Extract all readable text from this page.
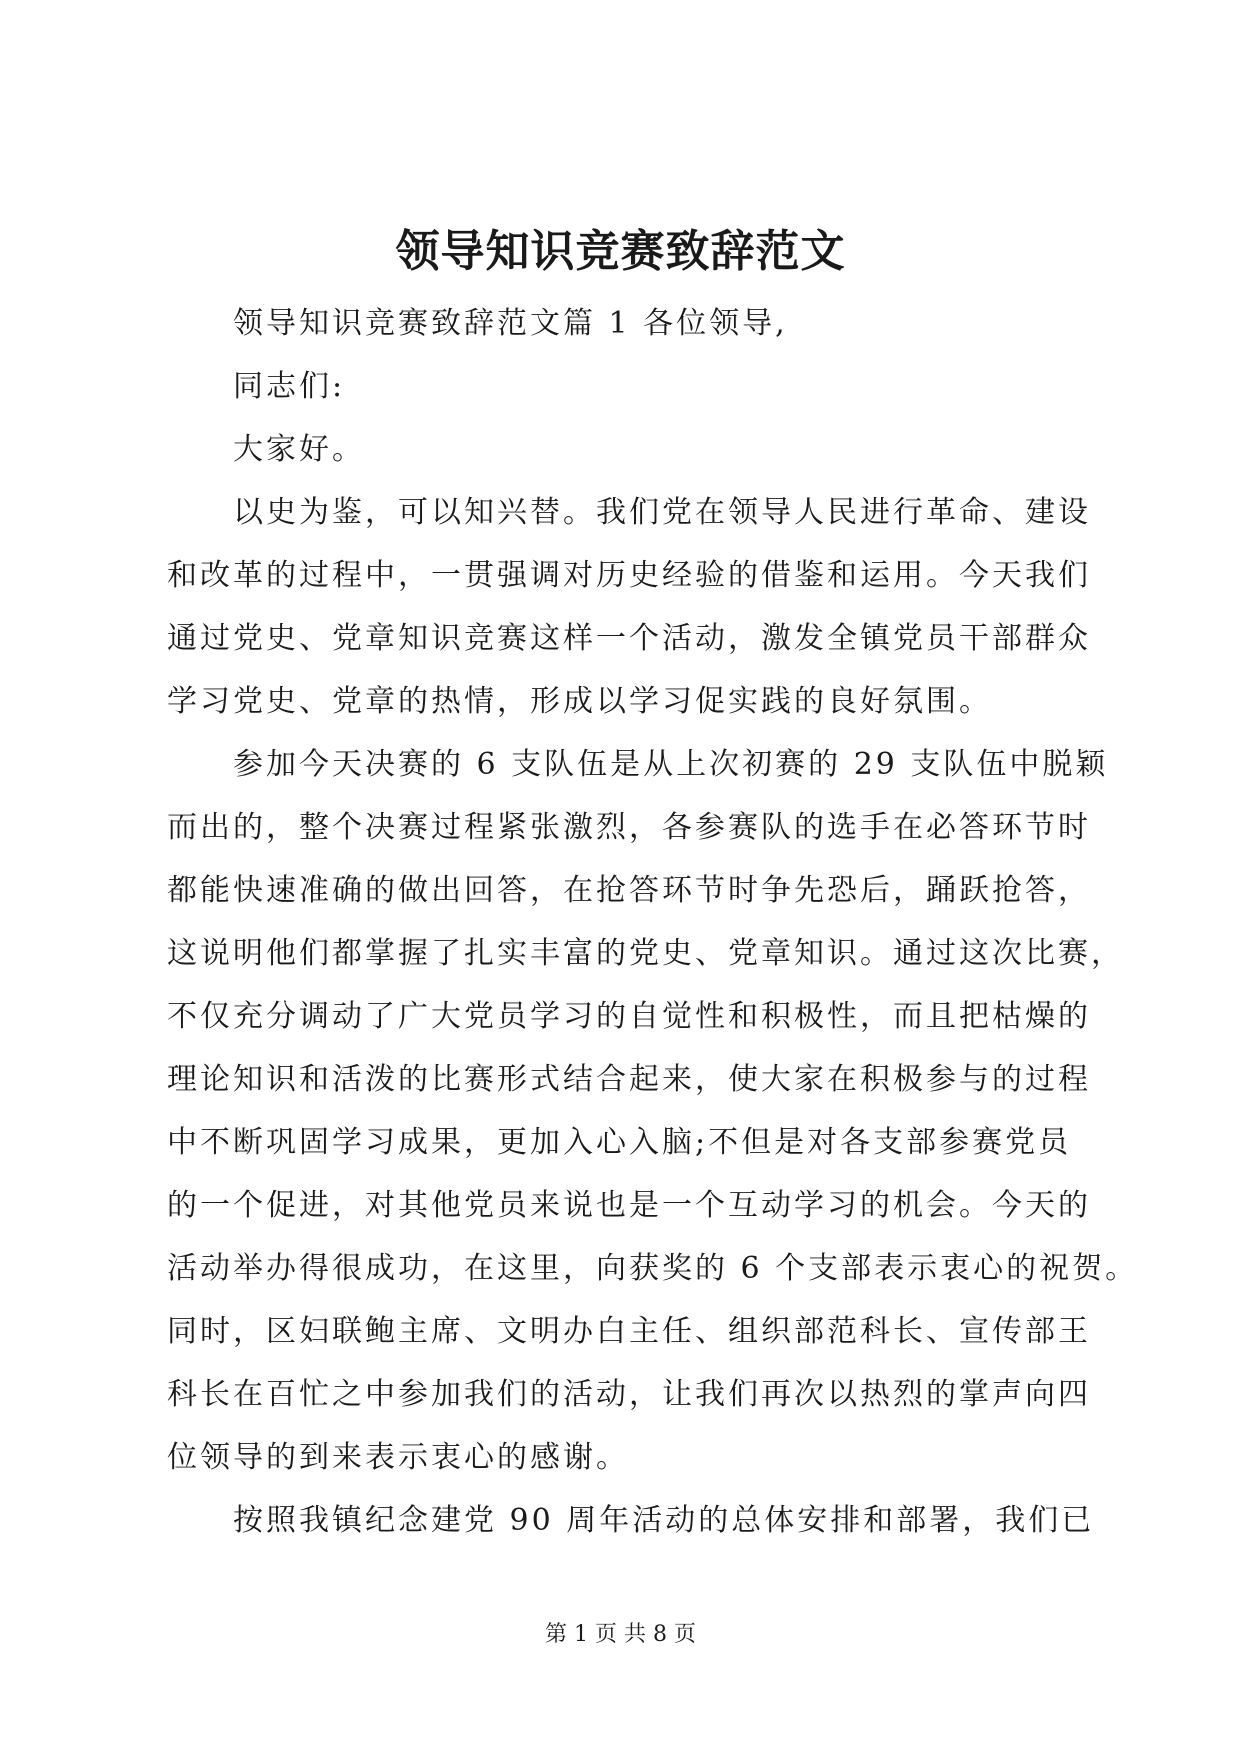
领导知识竞赛致辞范文
领导知识竞赛致辞范文篇 1 各位领导,
同志们:
大家好。
以史为鉴，可以知兴替。我们党在领导人民进行革命、建设
和改革的过程中，一贯强调对历史经验的借鉴和运用。今天我们
通过党史、党章知识竞赛这样一个活动，激发全镇党员干部群众
学习党史、党章的热情，形成以学习促实践的良好氛围。
参加今天决赛的 6 支队伍是从上次初赛的 29 支队伍中脱颖
而出的，整个决赛过程紧张激烈，各参赛队的选手在必答环节时
都能快速准确的做出回答，在抢答环节时争先恐后，踊跃抢答，
这说明他们都掌握了扎实丰富的党史、党章知识。通过这次比赛，
不仅充分调动了广大党员学习的自觉性和积极性，而且把枯燥的
理论知识和活泼的比赛形式结合起来，使大家在积极参与的过程
中不断巩固学习成果，更加入心入脑;不但是对各支部参赛党员
的一个促进，对其他党员来说也是一个互动学习的机会。今天的
活动举办得很成功，在这里，向获奖的 6 个支部表示衷心的祝贺。
同时，区妇联鲍主席、文明办白主任、组织部范科长、宣传部王
科长在百忙之中参加我们的活动，让我们再次以热烈的掌声向四
位领导的到来表示衷心的感谢。
按照我镇纪念建党 90 周年活动的总体安排和部署，我们已
第 1 页 共 8 页
